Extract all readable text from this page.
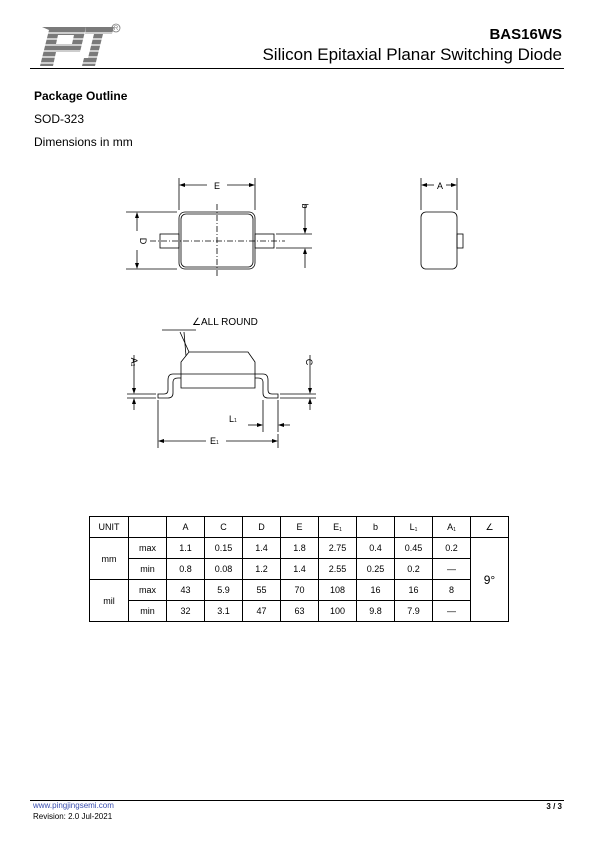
R	BAS16WS
Silicon Epitaxial Planar Switching Diode
Package Outline
SOD-323
Dimensions in mm
E
D
b
A
∠ALL ROUND
A1	C
L1
E1
UNIT		A	C	D	E	$E_1$	b	$L_1$	$A_1$	∠
mm	max	1.1	0.15	1.4	1.8	2.75	0.4	0.45	0.2	9°
	min	0.8	0.08	1.2	1.4	2.55	0.25	0.2	—	
mil	max	43	5.9	55	70	108	16	16	8	
	min	32	3.1	47	63	100	9.8	7.9	—	
www.pingjingsemi.com
Revision: 2.0 Jul-2021
3 / 3
